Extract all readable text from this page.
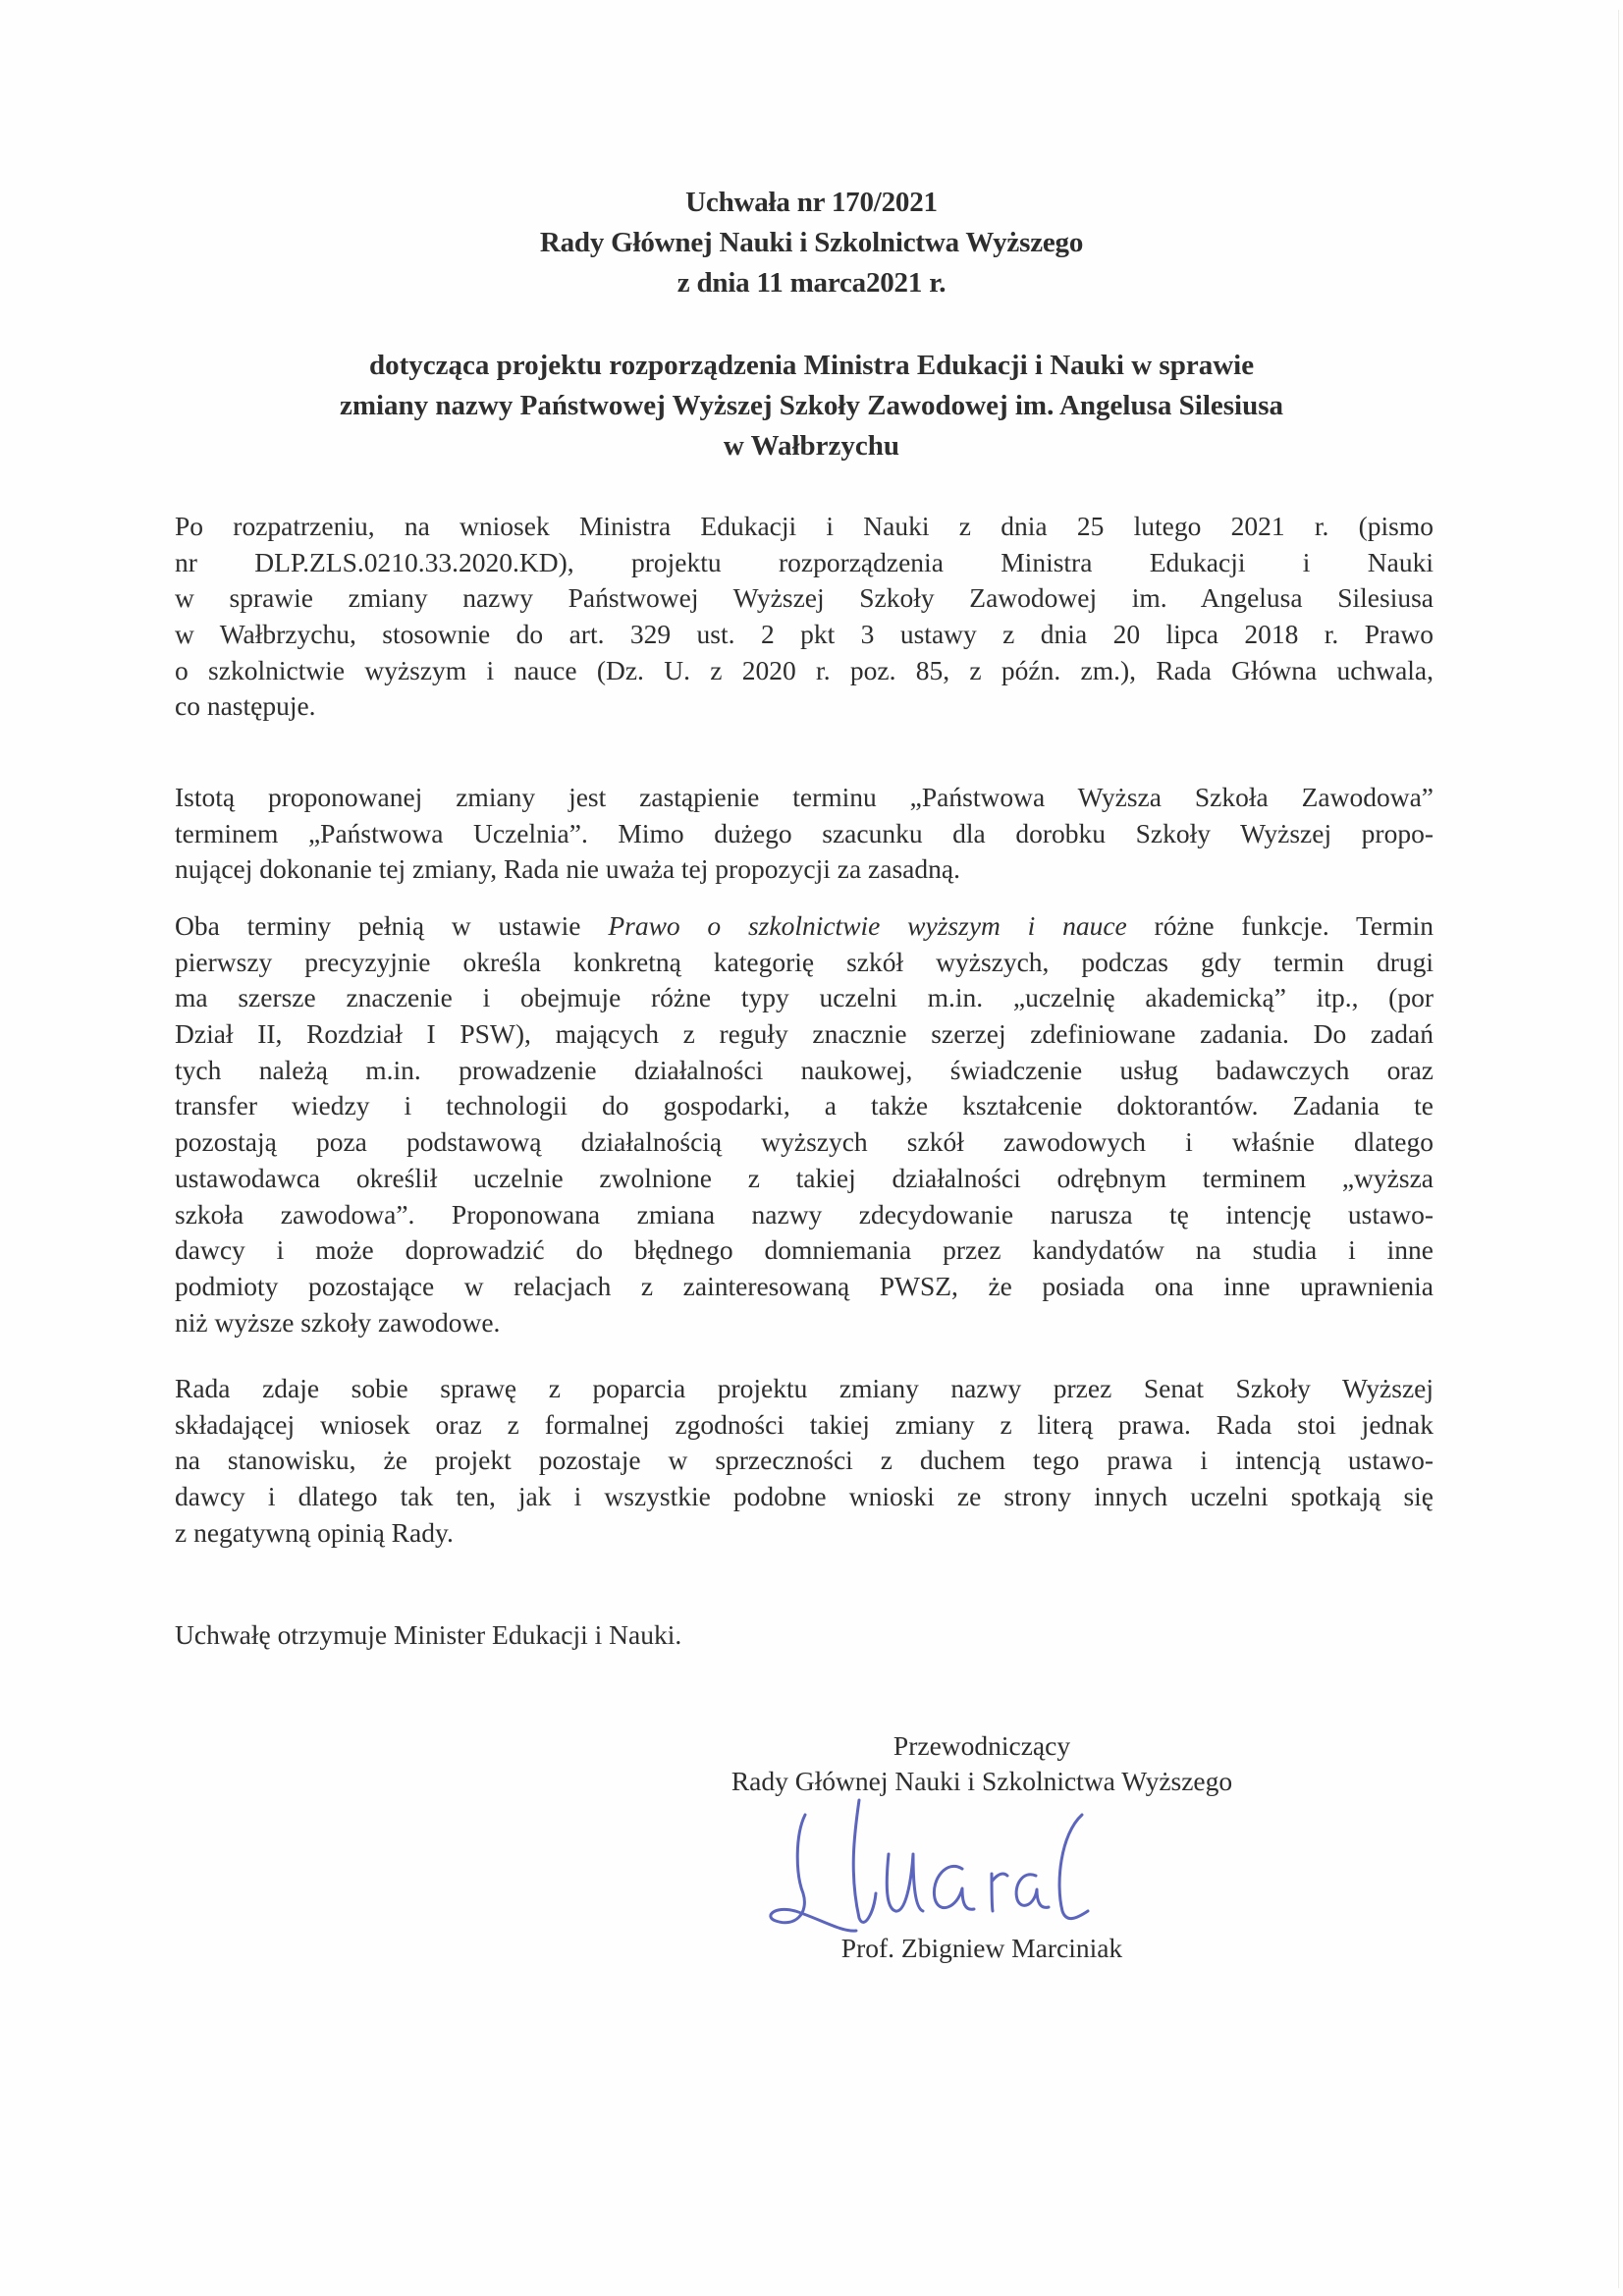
Uchwała nr 170/2021
Rady Głównej Nauki i Szkolnictwa Wyższego
z dnia 11 marca2021 r.
dotycząca projektu rozporządzenia Ministra Edukacji i Nauki w sprawie
zmiany nazwy Państwowej Wyższej Szkoły Zawodowej im. Angelusa Silesiusa
w Wałbrzychu
Po rozpatrzeniu, na wniosek Ministra Edukacji i Nauki z dnia 25 lutego 2021 r. (pismo
nr DLP.ZLS.0210.33.2020.KD), projektu rozporządzenia Ministra Edukacji i Nauki
w sprawie zmiany nazwy Państwowej Wyższej Szkoły Zawodowej im. Angelusa Silesiusa
w Wałbrzychu, stosownie do art. 329 ust. 2 pkt 3 ustawy z dnia 20 lipca 2018 r. Prawo
o szkolnictwie wyższym i nauce (Dz. U. z 2020 r. poz. 85, z późn. zm.), Rada Główna uchwala,
co następuje.
Istotą proponowanej zmiany jest zastąpienie terminu „Państwowa Wyższa Szkoła Zawodowa”
terminem „Państwowa Uczelnia”. Mimo dużego szacunku dla dorobku Szkoły Wyższej propo-
nującej dokonanie tej zmiany, Rada nie uważa tej propozycji za zasadną.
Oba terminy pełnią w ustawie Prawo o szkolnictwie wyższym i nauce różne funkcje. Termin
pierwszy precyzyjnie określa konkretną kategorię szkół wyższych, podczas gdy termin drugi
ma szersze znaczenie i obejmuje różne typy uczelni m.in. „uczelnię akademicką” itp., (por
Dział II, Rozdział I PSW), mających z reguły znacznie szerzej zdefiniowane zadania. Do zadań
tych należą m.in. prowadzenie działalności naukowej, świadczenie usług badawczych oraz
transfer wiedzy i technologii do gospodarki, a także kształcenie doktorantów. Zadania te
pozostają poza podstawową działalnością wyższych szkół zawodowych i właśnie dlatego
ustawodawca określił uczelnie zwolnione z takiej działalności odrębnym terminem „wyższa
szkoła zawodowa”. Proponowana zmiana nazwy zdecydowanie narusza tę intencję ustawo-
dawcy i może doprowadzić do błędnego domniemania przez kandydatów na studia i inne
podmioty pozostające w relacjach z zainteresowaną PWSZ, że posiada ona inne uprawnienia
niż wyższe szkoły zawodowe.
Rada zdaje sobie sprawę z poparcia projektu zmiany nazwy przez Senat Szkoły Wyższej
składającej wniosek oraz z formalnej zgodności takiej zmiany z literą prawa. Rada stoi jednak
na stanowisku, że projekt pozostaje w sprzeczności z duchem tego prawa i intencją ustawo-
dawcy i dlatego tak ten, jak i wszystkie podobne wnioski ze strony innych uczelni spotkają się
z negatywną opinią Rady.
Uchwałę otrzymuje Minister Edukacji i Nauki.
Przewodniczący
Rady Głównej Nauki i Szkolnictwa Wyższego
Prof. Zbigniew Marciniak
